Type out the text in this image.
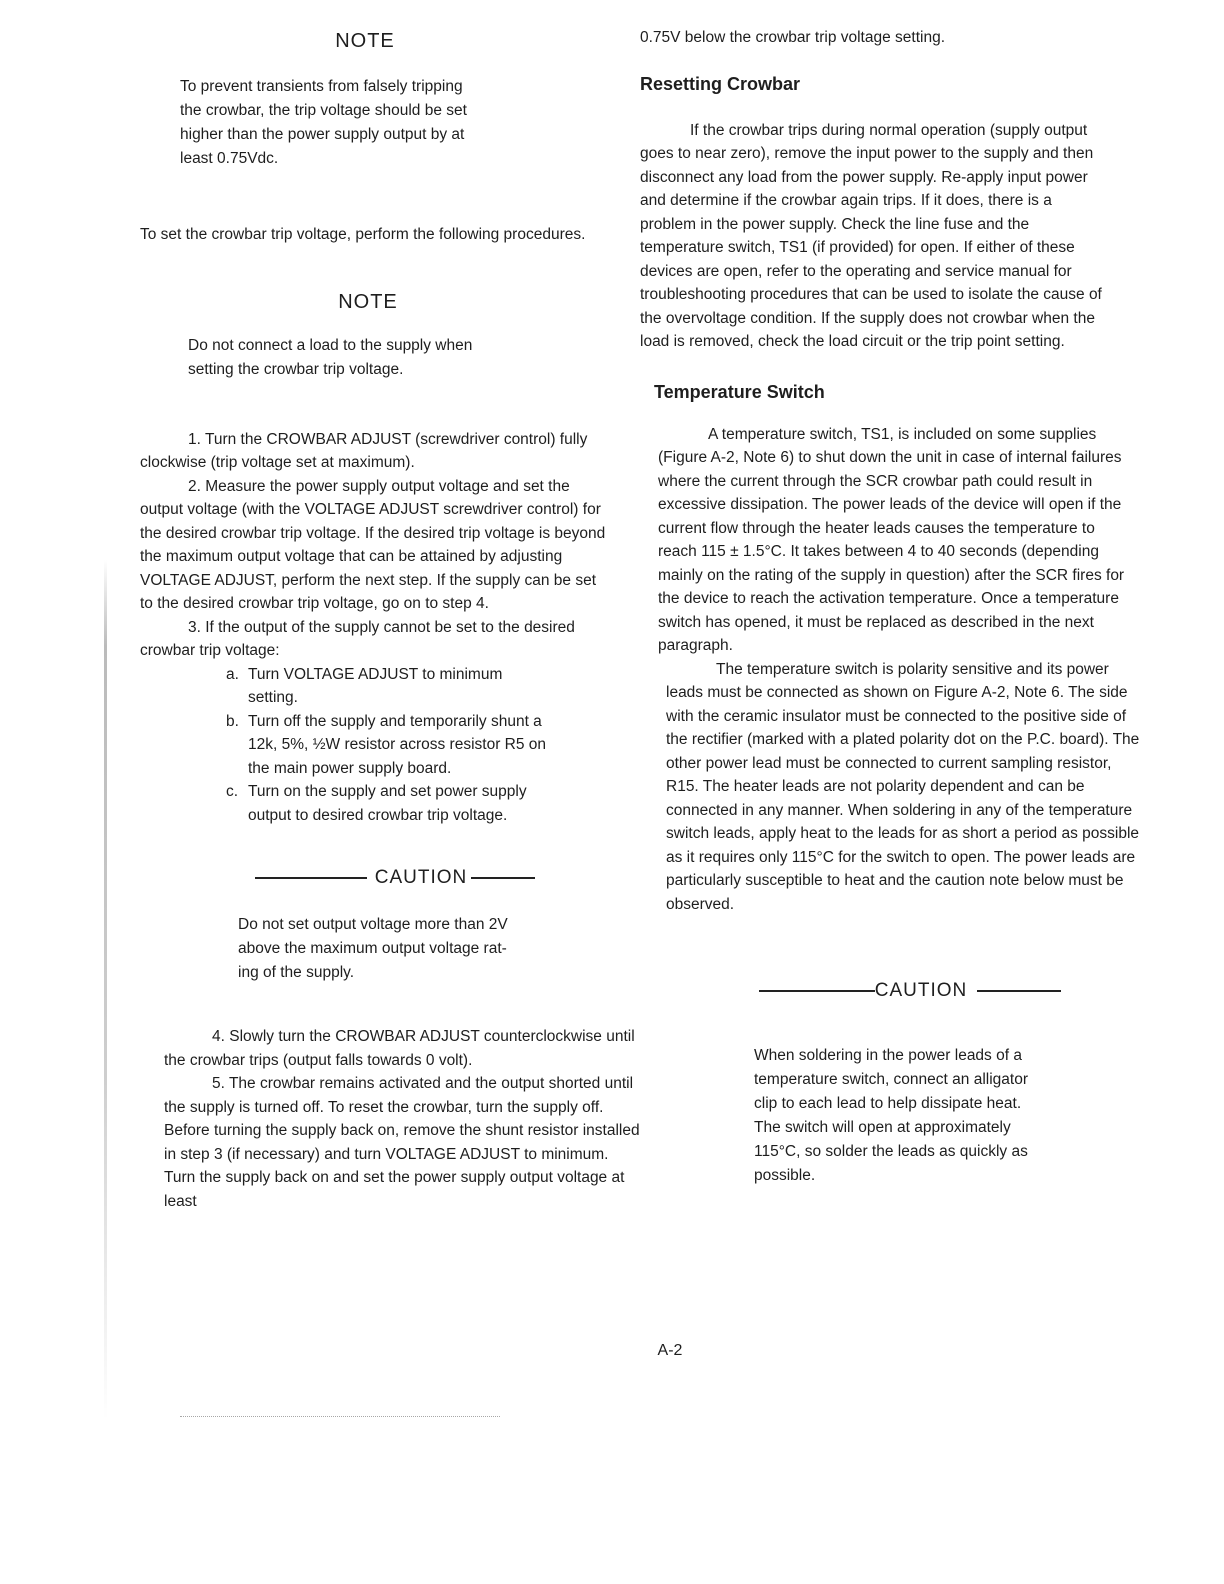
NOTE

To prevent transients from falsely tripping
the crowbar, the trip voltage should be set
higher than the power supply output by at
least 0.75Vdc.

To set the crowbar trip voltage, perform the following procedures.

NOTE

Do not connect a load to the supply when
setting the crowbar trip voltage.
1. Turn the CROWBAR ADJUST (screwdriver control) fully clockwise (trip voltage set at maximum).
2. Measure the power supply output voltage and set the output voltage (with the VOLTAGE ADJUST screwdriver control) for the desired crowbar trip voltage. If the desired trip voltage is beyond the maximum output voltage that can be attained by adjusting VOLTAGE ADJUST, perform the next step. If the supply can be set to the desired crowbar trip voltage, go on to step 4.
3. If the output of the supply cannot be set to the desired crowbar trip voltage:
a. Turn VOLTAGE ADJUST to minimum setting.
b. Turn off the supply and temporarily shunt a 12k, 5%, ½W resistor across resistor R5 on the main power supply board.
c. Turn on the supply and set power supply output to desired crowbar trip voltage.
CAUTION
Do not set output voltage more than 2V
above the maximum output voltage rat-
ing of the supply.
4. Slowly turn the CROWBAR ADJUST counterclockwise until the crowbar trips (output falls towards 0 volt).
5. The crowbar remains activated and the output shorted until the supply is turned off. To reset the crowbar, turn the supply off. Before turning the supply back on, remove the shunt resistor installed in step 3 (if necessary) and turn VOLTAGE ADJUST to minimum. Turn the supply back on and set the power supply output voltage at least

0.75V below the crowbar trip voltage setting.

Resetting Crowbar

If the crowbar trips during normal operation (supply output goes to near zero), remove the input power to the supply and then disconnect any load from the power supply. Re-apply input power and determine if the crowbar again trips. If it does, there is a problem in the power supply. Check the line fuse and the temperature switch, TS1 (if provided) for open. If either of these devices are open, refer to the operating and service manual for troubleshooting procedures that can be used to isolate the cause of the overvoltage condition. If the supply does not crowbar when the load is removed, check the load circuit or the trip point setting.

Temperature Switch

A temperature switch, TS1, is included on some supplies (Figure A-2, Note 6) to shut down the unit in case of internal failures where the current through the SCR crowbar path could result in excessive dissipation. The power leads of the device will open if the current flow through the heater leads causes the temperature to reach 115 ± 1.5°C. It takes between 4 to 40 seconds (depending mainly on the rating of the supply in question) after the SCR fires for the device to reach the activation temperature. Once a temperature switch has opened, it must be replaced as described in the next paragraph.

The temperature switch is polarity sensitive and its power leads must be connected as shown on Figure A-2, Note 6. The side with the ceramic insulator must be connected to the positive side of the rectifier (marked with a plated polarity dot on the P.C. board). The other power lead must be connected to current sampling resistor, R15. The heater leads are not polarity dependent and can be connected in any manner. When soldering in any of the temperature switch leads, apply heat to the leads for as short a period as possible as it requires only 115°C for the switch to open. The power leads are particularly susceptible to heat and the caution note below must be observed.

CAUTION
When soldering in the power leads of a
temperature switch, connect an alligator
clip to each lead to help dissipate heat.
The switch will open at approximately
115°C, so solder the leads as quickly as
possible.
A-2
